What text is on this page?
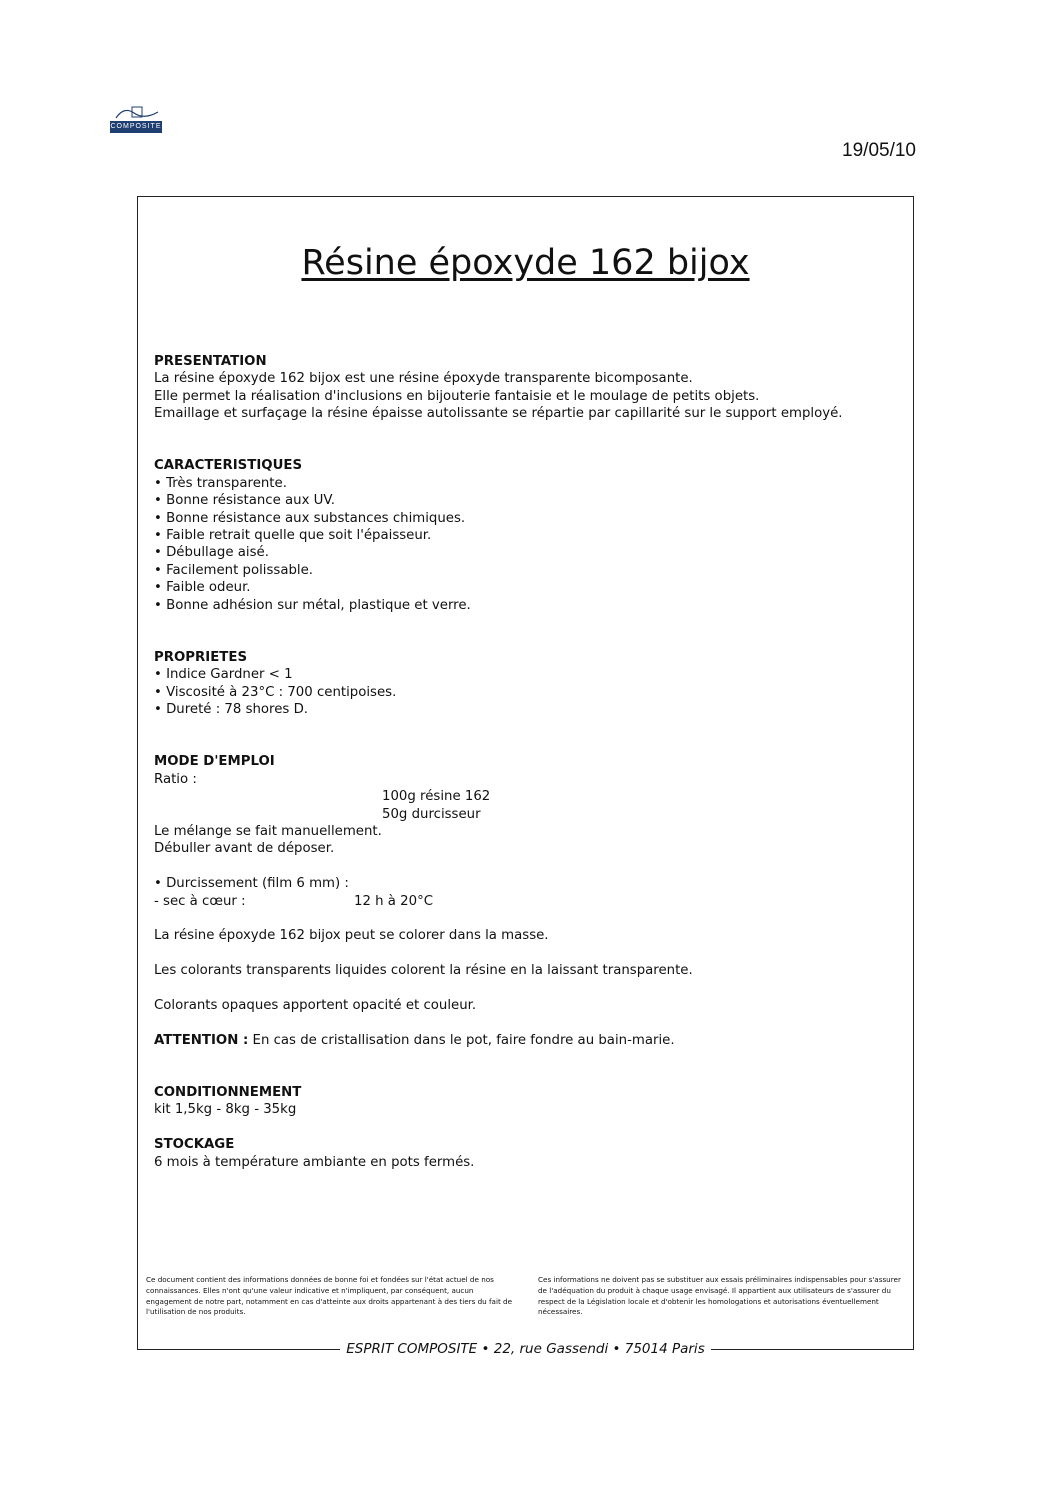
COMPOSITE
19/05/10
Résine époxyde 162 bijox

PRESENTATION

La résine époxyde 162 bijox est une résine époxyde transparente bicomposante.

Elle permet la réalisation d'inclusions en bijouterie fantaisie et le moulage de petits objets.

Emaillage et surfaçage la résine épaisse autolissante se répartie par capillarité sur le support employé.

CARACTERISTIQUES

• Très transparente.

• Bonne résistance aux UV.

• Bonne résistance aux substances chimiques.

• Faible retrait quelle que soit l'épaisseur.

• Débullage aisé.

• Facilement polissable.

• Faible odeur.

• Bonne adhésion sur métal, plastique et verre.

PROPRIETES

• Indice Gardner < 1

• Viscosité à 23°C : 700 centipoises.

• Dureté : 78 shores D.

MODE D'EMPLOI

Ratio :

100g résine 162

50g durcisseur

Le mélange se fait manuellement.

Débuller avant de déposer.

• Durcissement (film 6 mm) :

- sec à cœur :	12 h à 20°C

La résine époxyde 162 bijox peut se colorer dans la masse.

Les colorants transparents liquides colorent la résine en la laissant transparente.

Colorants opaques apportent opacité et couleur.

ATTENTION : En cas de cristallisation dans le pot, faire fondre au bain-marie.

CONDITIONNEMENT

kit 1,5kg - 8kg - 35kg

STOCKAGE

6 mois à température ambiante en pots fermés.

Ce document contient des informations données de bonne foi et fondées sur l'état actuel de nos connaissances. Elles n'ont qu'une valeur indicative et n'impliquent, par conséquent, aucun engagement de notre part, notamment en cas d'atteinte aux droits appartenant à des tiers du fait de l'utilisation de nos produits.

Ces informations ne doivent pas se substituer aux essais préliminaires indispensables pour s'assurer de l'adéquation du produit à chaque usage envisagé. Il appartient aux utilisateurs de s'assurer du respect de la Législation locale et d'obtenir les homologations et autorisations éventuellement nécessaires.

ESPRIT COMPOSITE • 22, rue Gassendi • 75014 Paris
